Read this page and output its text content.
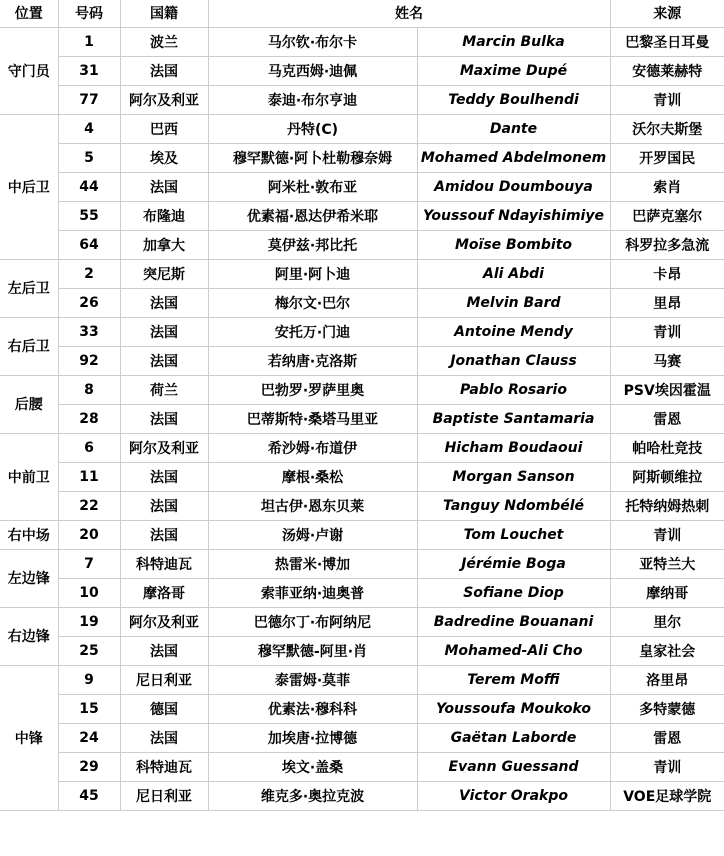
位置	号码	国籍	姓名		来源
守门员	1	波兰	马尔钦·布尔卡	Marcin Bulka	巴黎圣日耳曼
	31	法国	马克西姆·迪佩	Maxime Dupé	安德莱赫特
	77	阿尔及利亚	泰迪·布尔亨迪	Teddy Boulhendi	青训
中后卫	4	巴西	丹特(C)	Dante	沃尔夫斯堡
	5	埃及	穆罕默德·阿卜杜勒穆奈姆	Mohamed Abdelmonem	开罗国民
	44	法国	阿米杜·敦布亚	Amidou Doumbouya	索肖
	55	布隆迪	优素福·恩达伊希米耶	Youssouf Ndayishimiye	巴萨克塞尔
	64	加拿大	莫伊兹·邦比托	Moïse Bombito	科罗拉多急流
左后卫	2	突尼斯	阿里·阿卜迪	Ali Abdi	卡昂
	26	法国	梅尔文·巴尔	Melvin Bard	里昂
右后卫	33	法国	安托万·门迪	Antoine Mendy	青训
	92	法国	若纳唐·克洛斯	Jonathan Clauss	马赛
后腰	8	荷兰	巴勃罗·罗萨里奥	Pablo Rosario	PSV埃因霍温
	28	法国	巴蒂斯特·桑塔马里亚	Baptiste Santamaria	雷恩
中前卫	6	阿尔及利亚	希沙姆·布道伊	Hicham Boudaoui	帕哈杜竞技
	11	法国	摩根·桑松	Morgan Sanson	阿斯顿维拉
	22	法国	坦古伊·恩东贝莱	Tanguy Ndombélé	托特纳姆热刺
右中场	20	法国	汤姆·卢谢	Tom Louchet	青训
左边锋	7	科特迪瓦	热雷米·博加	Jérémie Boga	亚特兰大
	10	摩洛哥	索菲亚纳·迪奥普	Sofiane Diop	摩纳哥
右边锋	19	阿尔及利亚	巴德尔丁·布阿纳尼	Badredine Bouanani	里尔
	25	法国	穆罕默德-阿里·肖	Mohamed-Ali Cho	皇家社会
中锋	9	尼日利亚	泰雷姆·莫菲	Terem Moffi	洛里昂
	15	德国	优素法·穆科科	Youssoufa Moukoko	多特蒙德
	24	法国	加埃唐·拉博德	Gaëtan Laborde	雷恩
	29	科特迪瓦	埃文·盖桑	Evann Guessand	青训
	45	尼日利亚	维克多·奥拉克波	Victor Orakpo	VOE足球学院
